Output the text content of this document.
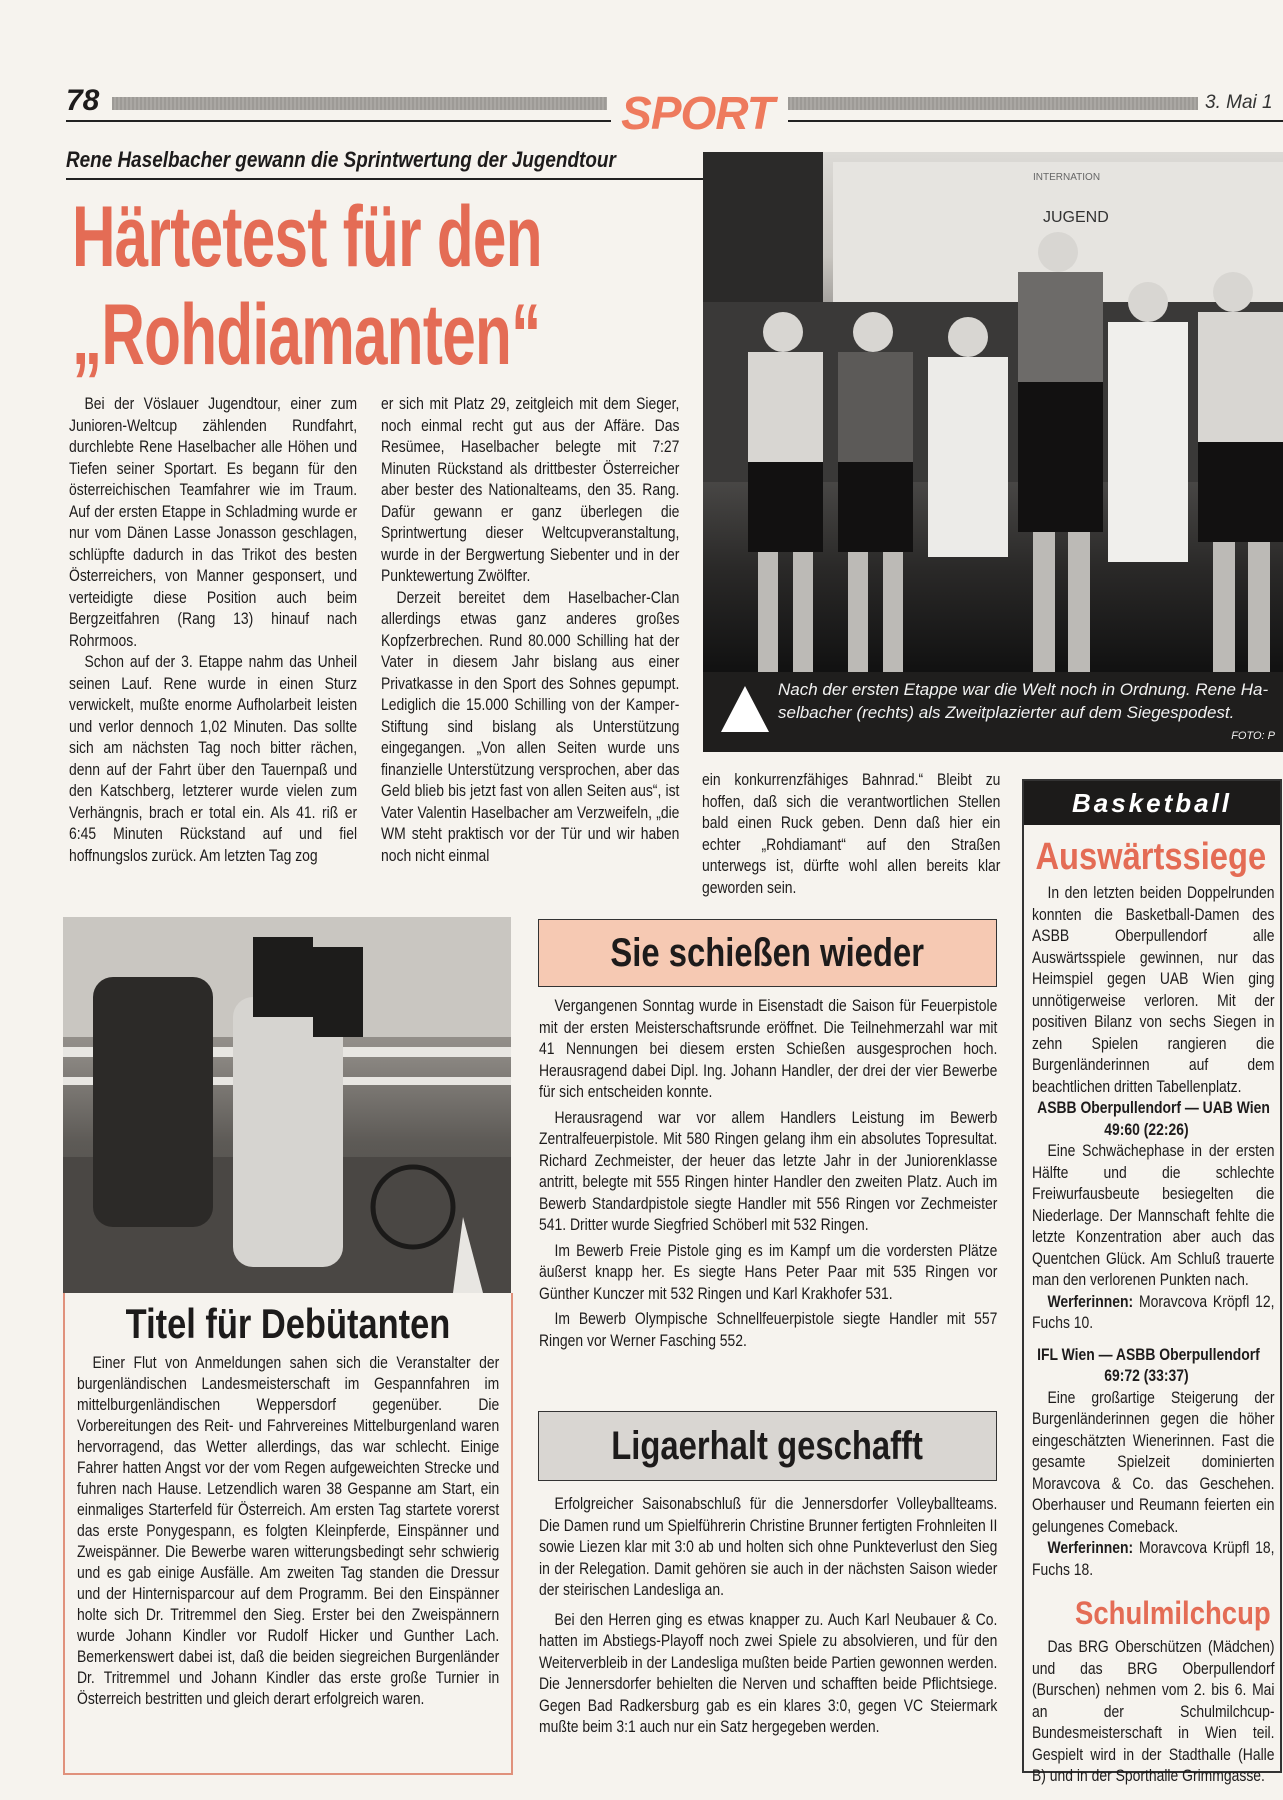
78	SPORT	3. Mai 1
Rene Haselbacher gewann die Sprintwertung der Jugendtour
Härtetest für den „Rohdiamanten“

Bei der Vöslauer Jugendtour, einer zum Junioren-Weltcup zählenden Rundfahrt, durchlebte Rene Haselbacher alle Höhen und Tiefen seiner Sportart. Es begann für den österreichischen Teamfahrer wie im Traum. Auf der ersten Etappe in Schladming wurde er nur vom Dänen Lasse Jonasson geschlagen, schlüpfte dadurch in das Trikot des besten Österreichers, von Manner gesponsert, und verteidigte diese Position auch beim Bergzeitfahren (Rang 13) hinauf nach Rohrmoos.

Schon auf der 3. Etappe nahm das Unheil seinen Lauf. Rene wurde in einen Sturz verwickelt, mußte enorme Aufholarbeit leisten und verlor dennoch 1,02 Minuten. Das sollte sich am nächsten Tag noch bitter rächen, denn auf der Fahrt über den Tauernpaß und den Katschberg, letzterer wurde vielen zum Verhängnis, brach er total ein. Als 41. riß er 6:45 Minuten Rückstand auf und fiel hoffnungslos zurück. Am letzten Tag zog

er sich mit Platz 29, zeitgleich mit dem Sieger, noch einmal recht gut aus der Affäre. Das Resümee, Haselbacher belegte mit 7:27 Minuten Rückstand als drittbester Österreicher aber bester des Nationalteams, den 35. Rang. Dafür gewann er ganz überlegen die Sprintwertung dieser Weltcupveranstaltung, wurde in der Bergwertung Siebenter und in der Punktewertung Zwölfter.

Derzeit bereitet dem Haselbacher-Clan allerdings etwas ganz anderes großes Kopfzerbrechen. Rund 80.000 Schilling hat der Vater in diesem Jahr bislang aus einer Privatkasse in den Sport des Sohnes gepumpt. Lediglich die 15.000 Schilling von der Kamper-Stiftung sind bislang als Unterstützung eingegangen. „Von allen Seiten wurde uns finanzielle Unterstützung versprochen, aber das Geld blieb bis jetzt fast von allen Seiten aus“, ist Vater Valentin Haselbacher am Verzweifeln, „die WM steht praktisch vor der Tür und wir haben noch nicht einmal

ein konkurrenzfähiges Bahnrad.“ Bleibt zu hoffen, daß sich die verantwortlichen Stellen bald einen Ruck geben. Denn daß hier ein echter „Rohdiamant“ auf den Straßen unterwegs ist, dürfte wohl allen bereits klar geworden sein.

JUGEND
INTERNATION
Nach der ersten Etappe war die Welt noch in Ordnung. Rene Ha-
selbacher (rechts) als Zweitplazierter auf dem Siegespodest.
FOTO: P
Titel für Debütanten

Einer Flut von Anmeldungen sahen sich die Veranstalter der burgenländischen Landesmeisterschaft im Gespannfahren im mittelburgenländischen Weppersdorf gegenüber. Die Vorbereitungen des Reit- und Fahrvereines Mittelburgenland waren hervorragend, das Wetter allerdings, das war schlecht. Einige Fahrer hatten Angst vor der vom Regen aufgeweichten Strecke und fuhren nach Hause. Letzendlich waren 38 Gespanne am Start, ein einmaliges Starterfeld für Österreich. Am ersten Tag startete vorerst das erste Ponygespann, es folgten Kleinpferde, Einspänner und Zweispänner. Die Bewerbe waren witterungsbedingt sehr schwierig und es gab einige Ausfälle. Am zweiten Tag standen die Dressur und der Hinternisparcour auf dem Programm. Bei den Einspänner holte sich Dr. Tritremmel den Sieg. Erster bei den Zweispännern wurde Johann Kindler vor Rudolf Hicker und Gunther Lach. Bemerkenswert dabei ist, daß die beiden siegreichen Burgenländer Dr. Tritremmel und Johann Kindler das erste große Turnier in Österreich bestritten und gleich derart erfolgreich waren.

Sie schießen wieder

Vergangenen Sonntag wurde in Eisenstadt die Saison für Feuerpistole mit der ersten Meisterschaftsrunde eröffnet. Die Teilnehmerzahl war mit 41 Nennungen bei diesem ersten Schießen ausgesprochen hoch. Herausragend dabei Dipl. Ing. Johann Handler, der drei der vier Bewerbe für sich entscheiden konnte.

Herausragend war vor allem Handlers Leistung im Bewerb Zentralfeuerpistole. Mit 580 Ringen gelang ihm ein absolutes Topresultat. Richard Zechmeister, der heuer das letzte Jahr in der Juniorenklasse antritt, belegte mit 555 Ringen hinter Handler den zweiten Platz. Auch im Bewerb Standardpistole siegte Handler mit 556 Ringen vor Zechmeister 541. Dritter wurde Siegfried Schöberl mit 532 Ringen.

Im Bewerb Freie Pistole ging es im Kampf um die vordersten Plätze äußerst knapp her. Es siegte Hans Peter Paar mit 535 Ringen vor Günther Kunczer mit 532 Ringen und Karl Krakhofer 531.

Im Bewerb Olympische Schnellfeuerpistole siegte Handler mit 557 Ringen vor Werner Fasching 552.

Ligaerhalt geschafft

Erfolgreicher Saisonabschluß für die Jennersdorfer Volleyballteams. Die Damen rund um Spielführerin Christine Brunner fertigten Frohnleiten II sowie Liezen klar mit 3:0 ab und holten sich ohne Punkteverlust den Sieg in der Relegation. Damit gehören sie auch in der nächsten Saison wieder der steirischen Landesliga an.

Bei den Herren ging es etwas knapper zu. Auch Karl Neubauer & Co. hatten im Abstiegs-Playoff noch zwei Spiele zu absolvieren, und für den Weiterverbleib in der Landesliga mußten beide Partien gewonnen werden. Die Jennersdorfer behielten die Nerven und schafften beide Pflichtsiege. Gegen Bad Radkersburg gab es ein klares 3:0, gegen VC Steiermark mußte beim 3:1 auch nur ein Satz hergegeben werden.

Basketball
Auswärtssiege

In den letzten beiden Doppelrunden konnten die Basketball-Damen des ASBB Oberpullendorf alle Auswärtsspiele gewinnen, nur das Heimspiel gegen UAB Wien ging unnötigerweise verloren. Mit der positiven Bilanz von sechs Siegen in zehn Spielen rangieren die Burgenländerinnen auf dem beachtlichen dritten Tabellenplatz.

ASBB Oberpullendorf — UAB Wien
49:60 (22:26)

Eine Schwächephase in der ersten Hälfte und die schlechte Freiwurfausbeute besiegelten die Niederlage. Der Mannschaft fehlte die letzte Konzentration aber auch das Quentchen Glück. Am Schluß trauerte man den verlorenen Punkten nach.

Werferinnen: Moravcova Kröpfl 12, Fuchs 10.

IFL Wien — ASBB Oberpullendorf
69:72 (33:37)

Eine großartige Steigerung der Burgenländerinnen gegen die höher eingeschätzten Wienerinnen. Fast die gesamte Spielzeit dominierten Moravcova & Co. das Geschehen. Oberhauser und Reumann feierten ein gelungenes Comeback.

Werferinnen: Moravcova Krüpfl 18, Fuchs 18.

Schulmilchcup

Das BRG Oberschützen (Mädchen) und das BRG Oberpullendorf (Burschen) nehmen vom 2. bis 6. Mai an der Schulmilchcup-Bundesmeisterschaft in Wien teil. Gespielt wird in der Stadthalle (Halle B) und in der Sporthalle Grimmgasse.
